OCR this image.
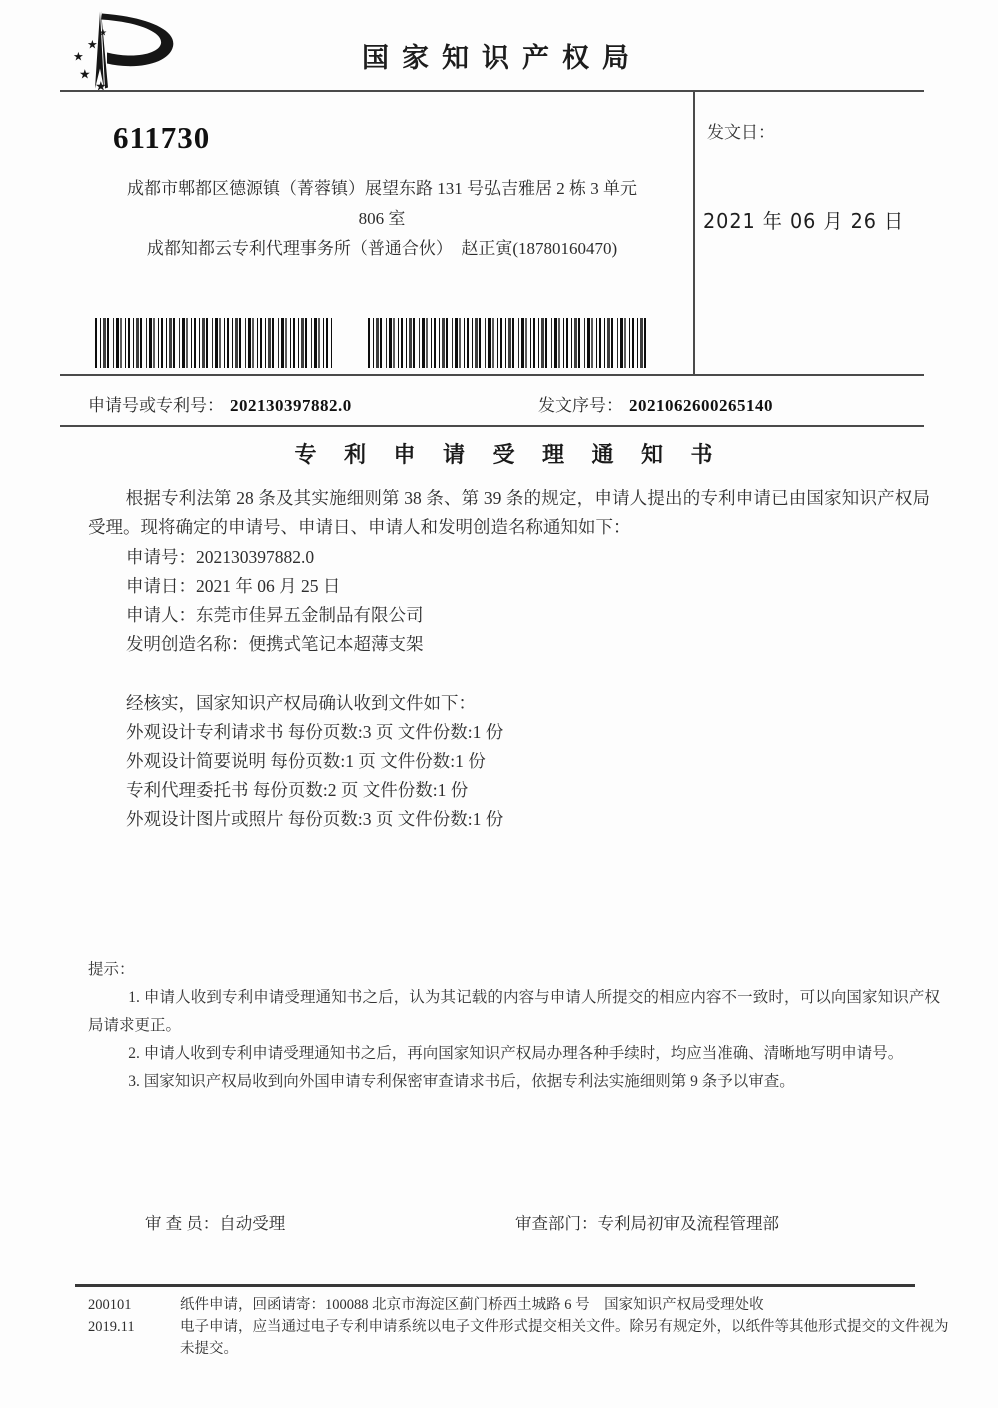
★
★
★
★
★
国家知识产权局
611730
成都市郫都区德源镇（菁蓉镇）展望东路 131 号弘吉雅居 2 栋 3 单元
806 室
成都知都云专利代理事务所（普通合伙）　赵正寅(18780160470)
发文日：
2021 年 06 月 26 日
申请号或专利号： 202130397882.0	发文序号： 2021062600265140
专 利 申 请 受 理 通 知 书

根据专利法第 28 条及其实施细则第 38 条、第 39 条的规定，申请人提出的专利申请已由国家知识产权局受理。现将确定的申请号、申请日、申请人和发明创造名称通知如下：

申请号：202130397882.0
申请日：2021 年 06 月 25 日
申请人：东莞市佳昇五金制品有限公司
发明创造名称：便携式笔记本超薄支架
经核实，国家知识产权局确认收到文件如下：
外观设计专利请求书 每份页数:3 页 文件份数:1 份
外观设计简要说明 每份页数:1 页 文件份数:1 份
专利代理委托书 每份页数:2 页 文件份数:1 份
外观设计图片或照片 每份页数:3 页 文件份数:1 份
提示：

1. 申请人收到专利申请受理通知书之后，认为其记载的内容与申请人所提交的相应内容不一致时，可以向国家知识产权局请求更正。

2. 申请人收到专利申请受理通知书之后，再向国家知识产权局办理各种手续时，均应当准确、清晰地写明申请号。

3. 国家知识产权局收到向外国申请专利保密审查请求书后，依据专利法实施细则第 9 条予以审查。

审 查 员：自动受理	审查部门：专利局初审及流程管理部
200101
2019.11

纸件申请，回函请寄：100088 北京市海淀区蓟门桥西土城路 6 号　国家知识产权局受理处收

电子申请，应当通过电子专利申请系统以电子文件形式提交相关文件。除另有规定外，以纸件等其他形式提交的文件视为未提交。
